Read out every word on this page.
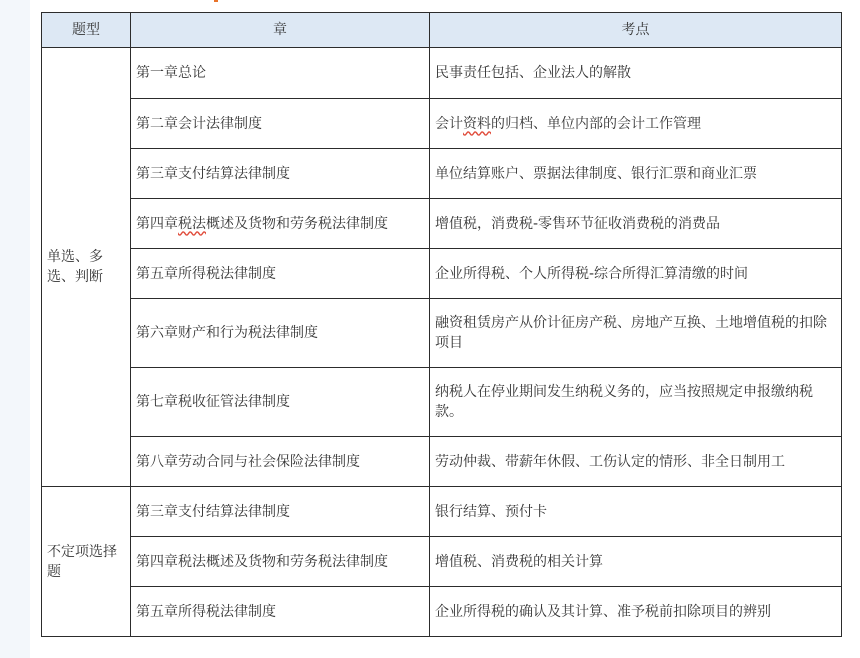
题型	章	考点
单选、多选、判断	第一章总论	民事责任包括、企业法人的解散
	第二章会计法律制度	会计资料的归档、单位内部的会计工作管理
	第三章支付结算法律制度	单位结算账户、票据法律制度、银行汇票和商业汇票
	第四章税法概述及货物和劳务税法律制度	增值税，消费税-零售环节征收消费税的消费品
	第五章所得税法律制度	企业所得税、个人所得税-综合所得汇算清缴的时间
	第六章财产和行为税法律制度	融资租赁房产从价计征房产税、房地产互换、土地增值税的扣除项目
	第七章税收征管法律制度	纳税人在停业期间发生纳税义务的，应当按照规定申报缴纳税款。
	第八章劳动合同与社会保险法律制度	劳动仲裁、带薪年休假、工伤认定的情形、非全日制用工
不定项选择题	第三章支付结算法律制度	银行结算、预付卡
	第四章税法概述及货物和劳务税法律制度	增值税、消费税的相关计算
	第五章所得税法律制度	企业所得税的确认及其计算、准予税前扣除项目的辨别
